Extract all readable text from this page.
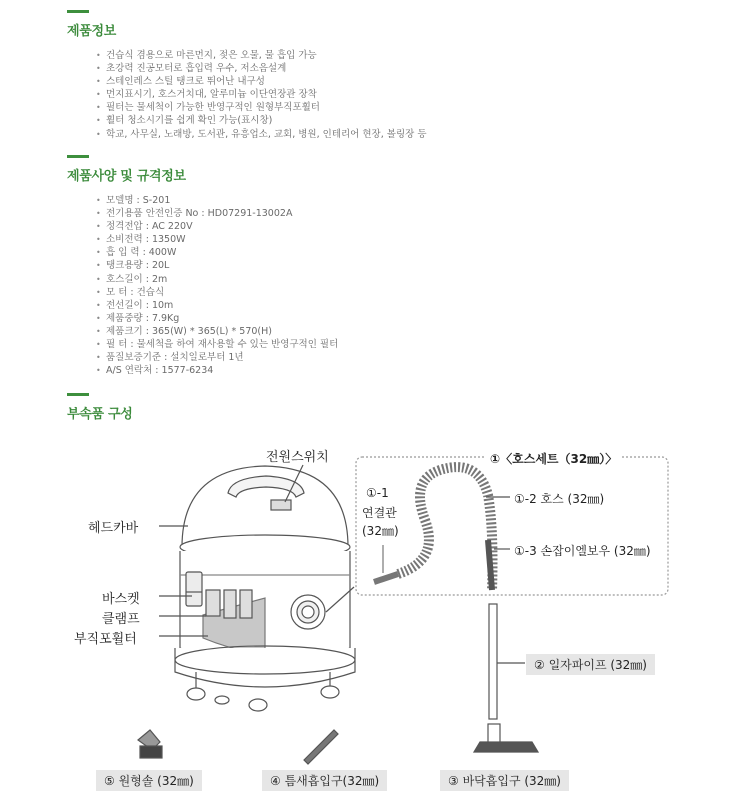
제품정보
• 건습식 겸용으로 마른먼지, 젖은 오물, 물 흡입 가능
• 초강력 진공모터로 흡입력 우수, 저소음설계
• 스테인레스 스틸 탱크로 뛰어난 내구성
• 먼지표시기, 호스거치대, 알루미늄 이단연장관 장착
• 필터는 물세척이 가능한 반영구적인 원형부직포휠터
• 휠터 청소시기를 쉽게 확인 가능(표시창)
• 학교, 사무실, 노래방, 도서관, 유흥업소, 교회, 병원, 인테리어 현장, 볼링장 등
제품사양 및 규격정보
• 모델명 : S-201
• 전기용품 안전인증 No : HD07291-13002A
• 정격전압 : AC 220V
• 소비전력 : 1350W
• 흡 입 력 : 400W
• 탱크용량 : 20L
• 호스길이 : 2m
• 모 터 : 건습식
• 전선길이 : 10m
• 제품중량 : 7.9Kg
• 제품크기 : 365(W) * 365(L) * 570(H)
• 필 터 : 물세척을 하여 재사용할 수 있는 반영구적인 필터
• 품질보증기준 : 설치일로부터 1년
• A/S 연락처 : 1577-6234
부속품 구성
전원스위치
헤드카바
바스켓
클램프
부직포휠터
①〈호스세트（32㎜）〉
①-1
연결관
(32㎜)
①-2 호스 (32㎜)
①-3 손잡이엘보우 (32㎜)
② 일자파이프 (32㎜)
⑤ 원형솔 (32㎜)	④ 틈새흡입구(32㎜)	③ 바닥흡입구 (32㎜)
